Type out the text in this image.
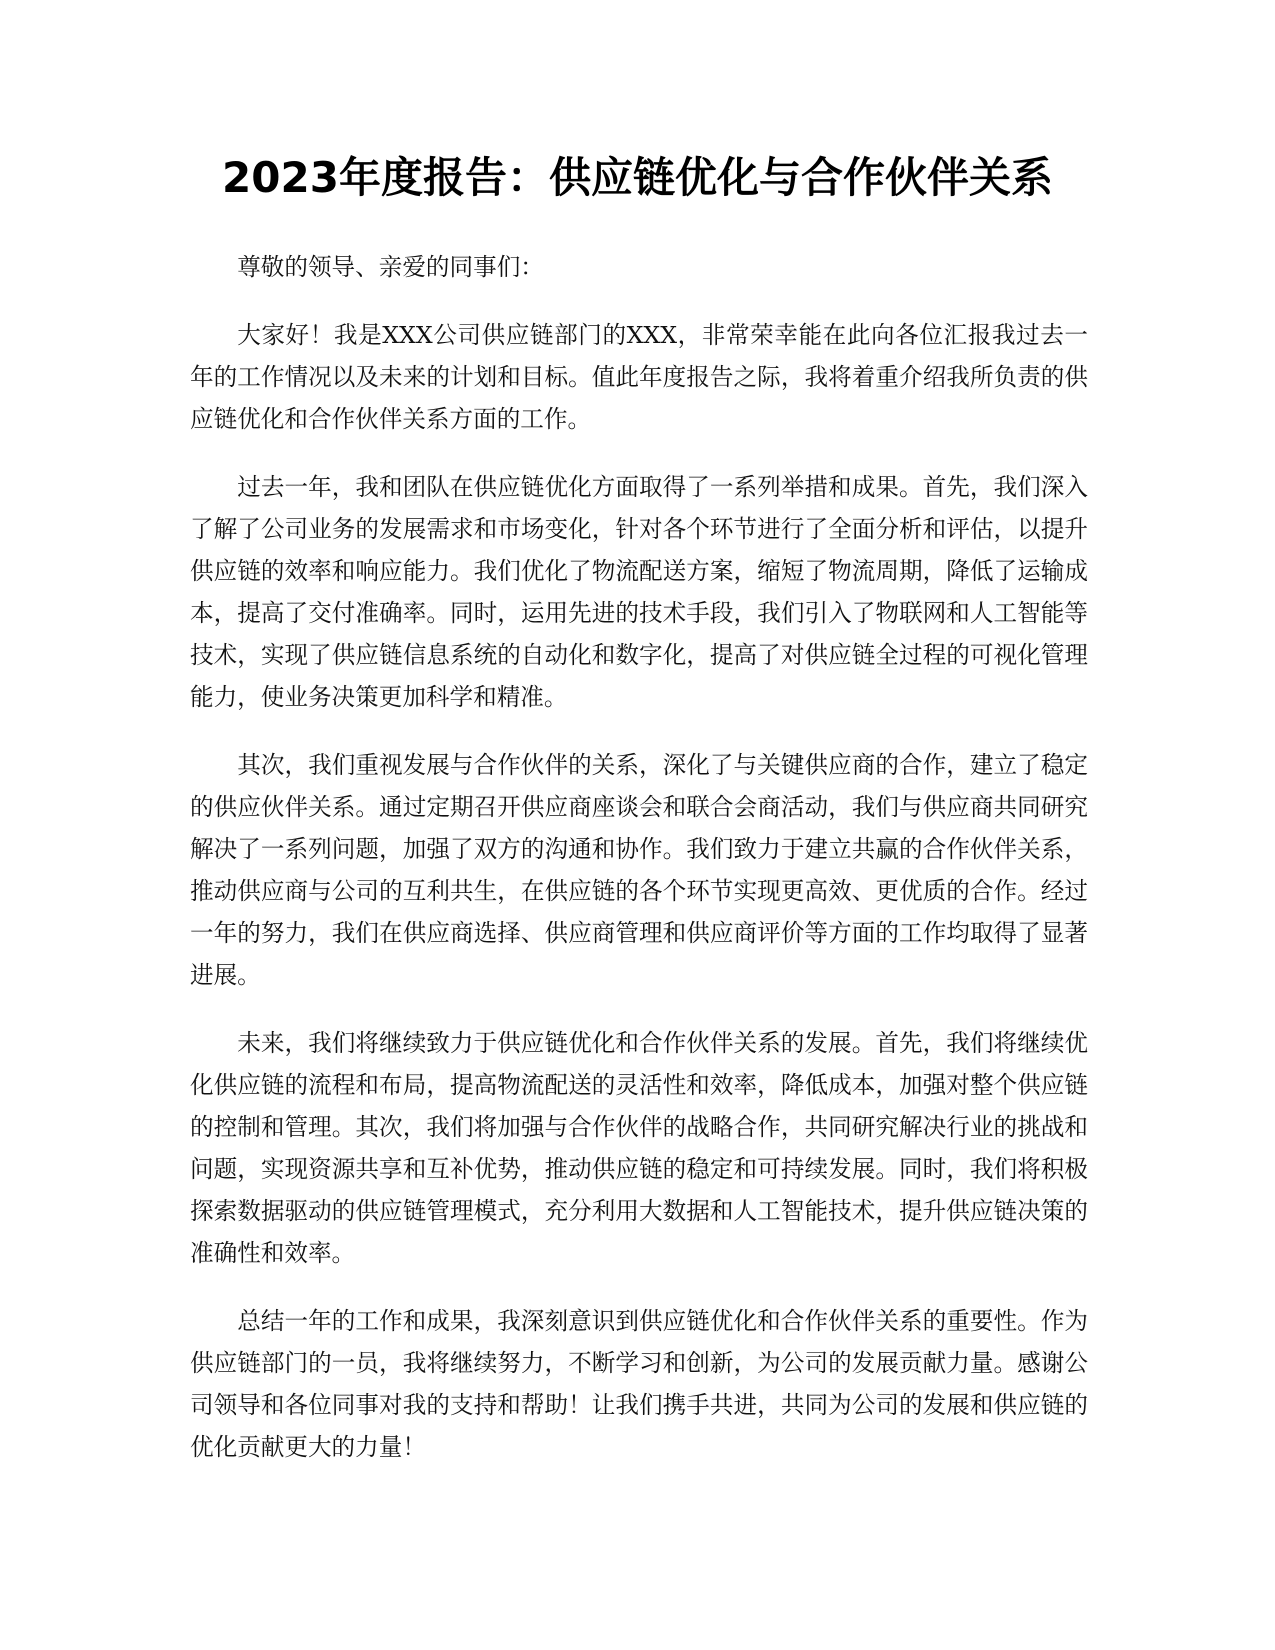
2023年度报告：供应链优化与合作伙伴关系

尊敬的领导、亲爱的同事们：

大家好！我是XXX公司供应链部门的XXX，非常荣幸能在此向各位汇报我过去一年的工作情况以及未来的计划和目标。值此年度报告之际，我将着重介绍我所负责的供应链优化和合作伙伴关系方面的工作。

过去一年，我和团队在供应链优化方面取得了一系列举措和成果。首先，我们深入了解了公司业务的发展需求和市场变化，针对各个环节进行了全面分析和评估，以提升供应链的效率和响应能力。我们优化了物流配送方案，缩短了物流周期，降低了运输成本，提高了交付准确率。同时，运用先进的技术手段，我们引入了物联网和人工智能等技术，实现了供应链信息系统的自动化和数字化，提高了对供应链全过程的可视化管理能力，使业务决策更加科学和精准。

其次，我们重视发展与合作伙伴的关系，深化了与关键供应商的合作，建立了稳定的供应伙伴关系。通过定期召开供应商座谈会和联合会商活动，我们与供应商共同研究解决了一系列问题，加强了双方的沟通和协作。我们致力于建立共赢的合作伙伴关系，推动供应商与公司的互利共生，在供应链的各个环节实现更高效、更优质的合作。经过一年的努力，我们在供应商选择、供应商管理和供应商评价等方面的工作均取得了显著进展。

未来，我们将继续致力于供应链优化和合作伙伴关系的发展。首先，我们将继续优化供应链的流程和布局，提高物流配送的灵活性和效率，降低成本，加强对整个供应链的控制和管理。其次，我们将加强与合作伙伴的战略合作，共同研究解决行业的挑战和问题，实现资源共享和互补优势，推动供应链的稳定和可持续发展。同时，我们将积极探索数据驱动的供应链管理模式，充分利用大数据和人工智能技术，提升供应链决策的准确性和效率。

总结一年的工作和成果，我深刻意识到供应链优化和合作伙伴关系的重要性。作为供应链部门的一员，我将继续努力，不断学习和创新，为公司的发展贡献力量。感谢公司领导和各位同事对我的支持和帮助！让我们携手共进，共同为公司的发展和供应链的优化贡献更大的力量！
